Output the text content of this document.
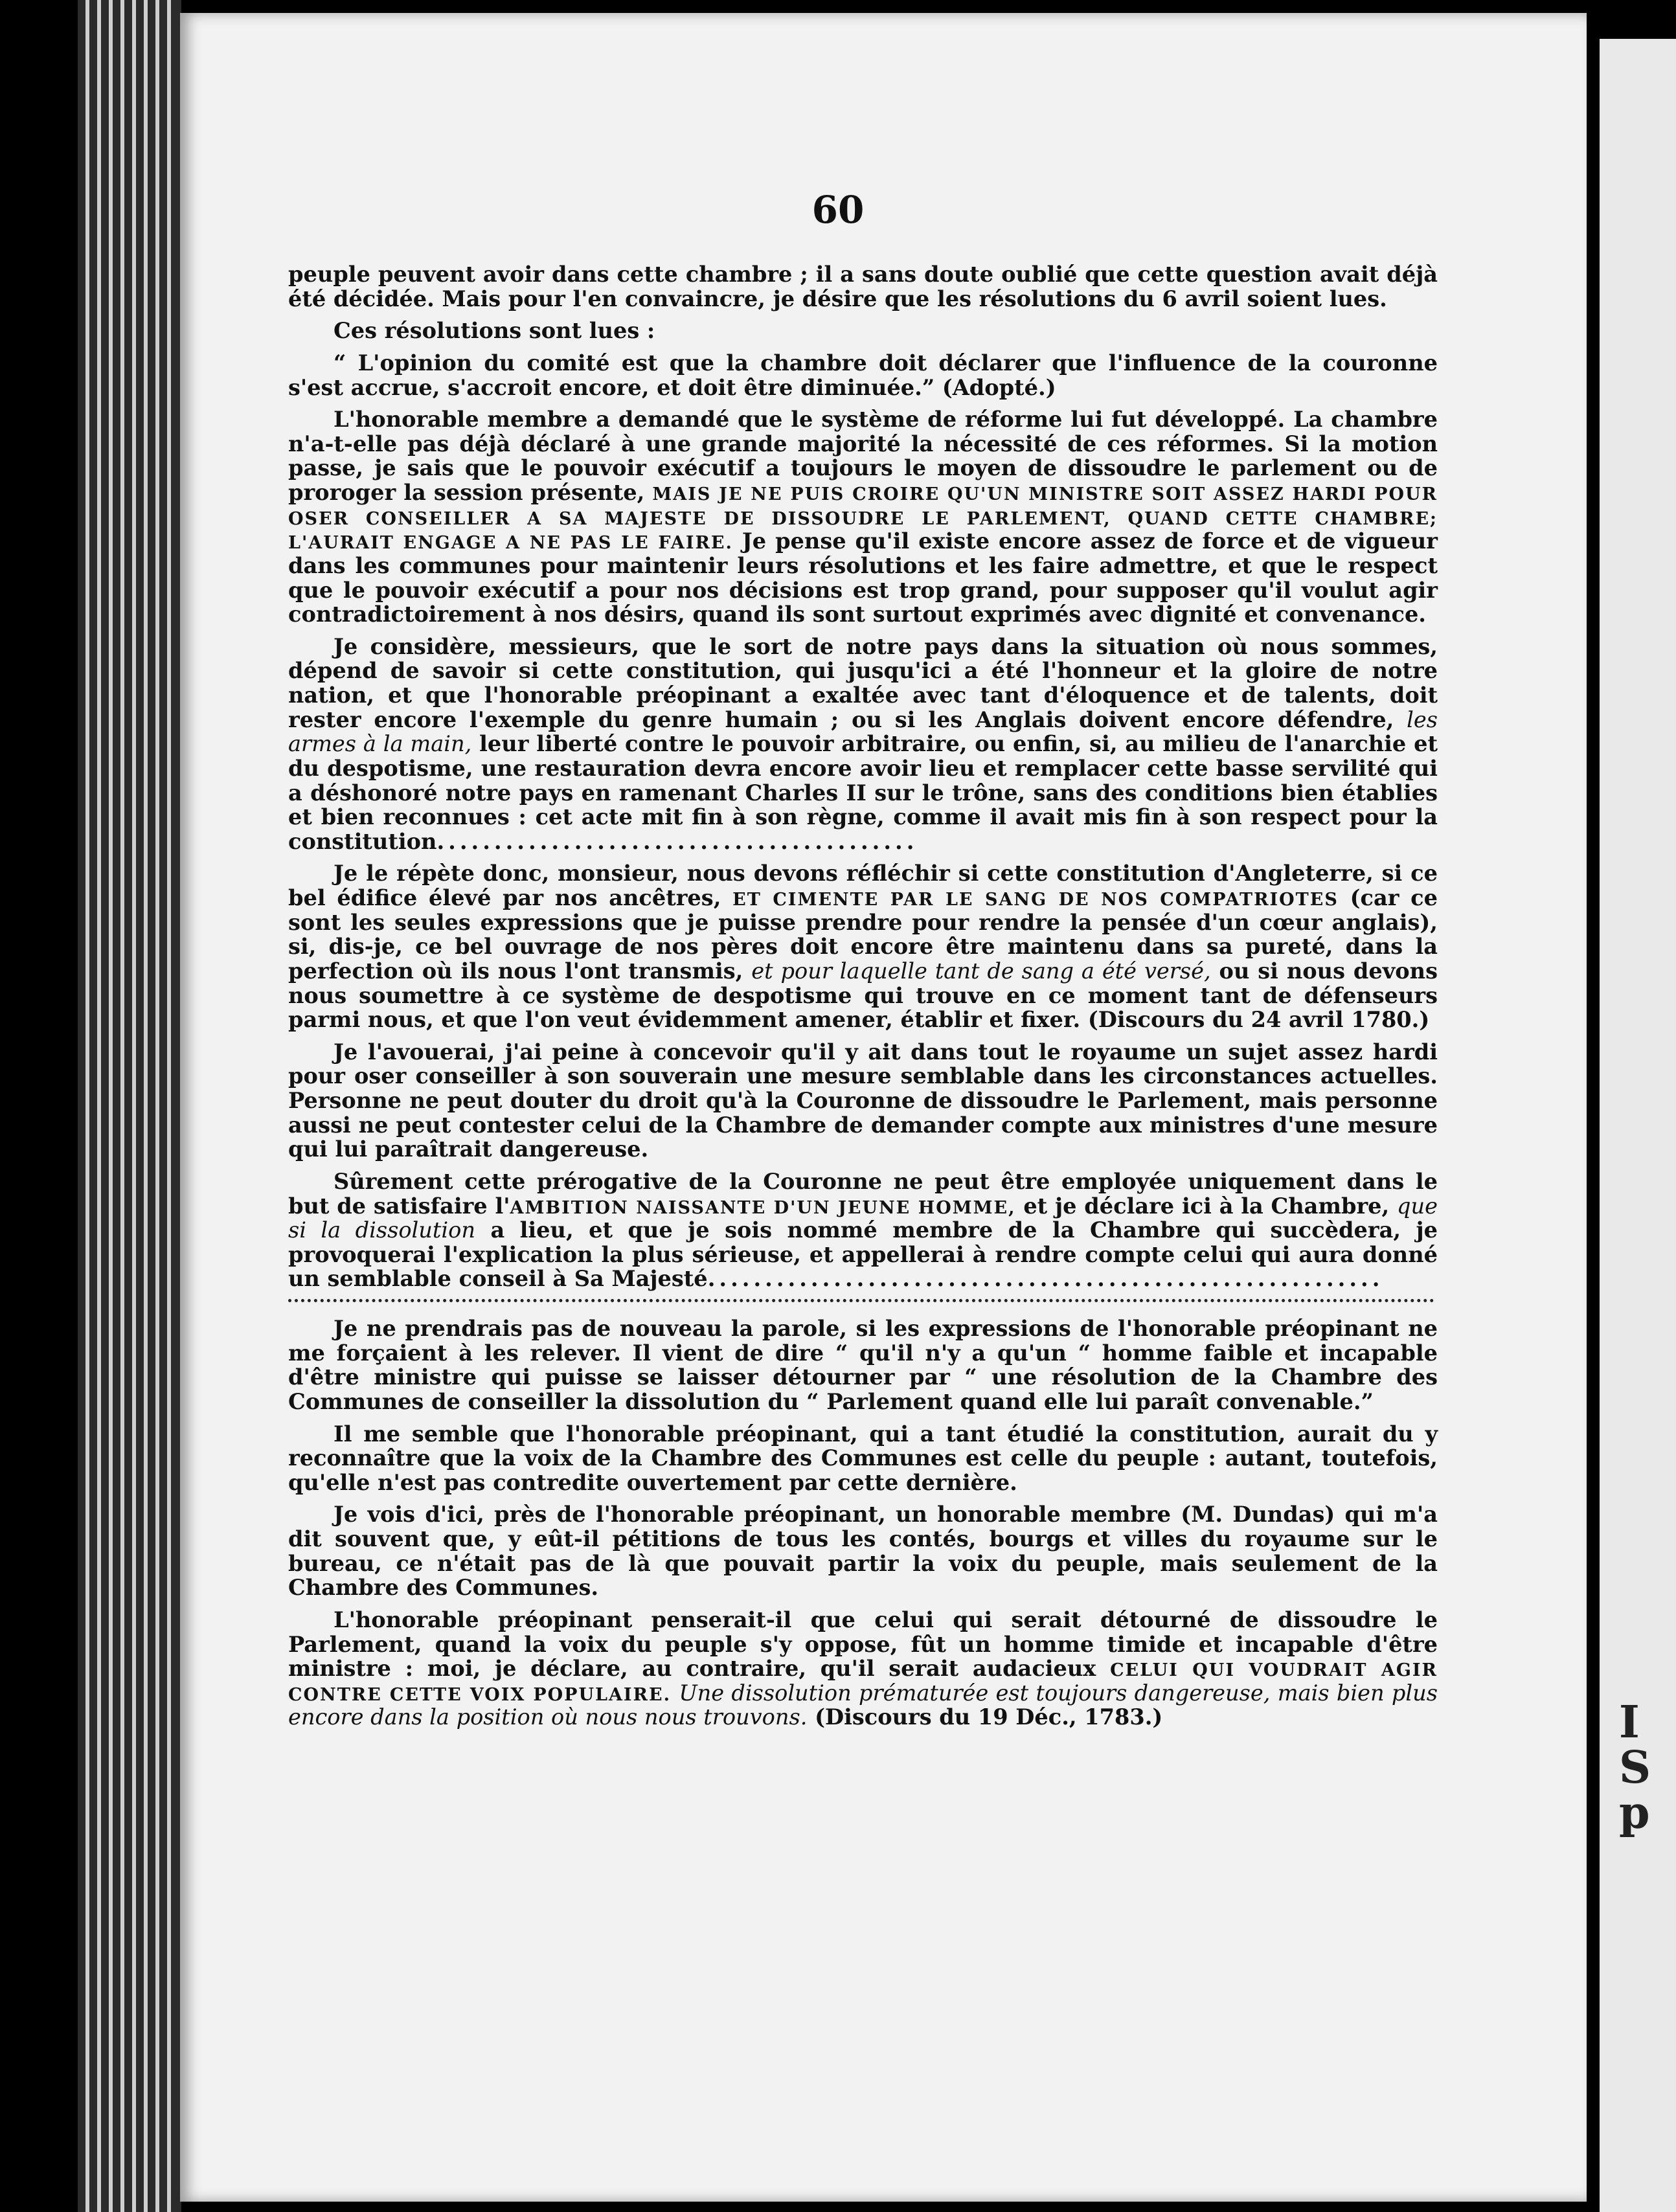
I
S
p
60

peuple peuvent avoir dans cette chambre ; il a sans doute oublié que cette question avait déjà été décidée. Mais pour l'en convaincre, je désire que les résolutions du 6 avril soient lues.

Ces résolutions sont lues :

“ L'opinion du comité est que la chambre doit déclarer que l'influence de la couronne s'est accrue, s'accroit encore, et doit être diminuée.” (Adopté.)

L'honorable membre a demandé que le système de réforme lui fut développé. La chambre n'a-t-elle pas déjà déclaré à une grande majorité la nécessité de ces réformes. Si la motion passe, je sais que le pouvoir exécutif a toujours le moyen de dissoudre le parlement ou de proroger la session présente, MAIS JE NE PUIS CROIRE QU'UN MINISTRE SOIT ASSEZ HARDI POUR OSER CONSEILLER A SA MAJESTE DE DISSOUDRE LE PARLEMENT, QUAND CETTE CHAMBRE; L'AURAIT ENGAGE A NE PAS LE FAIRE. Je pense qu'il existe encore assez de force et de vigueur dans les communes pour maintenir leurs résolutions et les faire admettre, et que le respect que le pouvoir exécutif a pour nos décisions est trop grand, pour supposer qu'il voulut agir contradictoirement à nos désirs, quand ils sont surtout exprimés avec dignité et convenance.

Je considère, messieurs, que le sort de notre pays dans la situation où nous sommes, dépend de savoir si cette constitution, qui jusqu'ici a été l'honneur et la gloire de notre nation, et que l'honorable préopinant a exaltée avec tant d'éloquence et de talents, doit rester encore l'exemple du genre humain ; ou si les Anglais doivent encore défendre, les armes à la main, leur liberté contre le pouvoir arbitraire, ou enfin, si, au milieu de l'anarchie et du despotisme, une restauration devra encore avoir lieu et remplacer cette basse servilité qui a déshonoré notre pays en ramenant Charles II sur le trône, sans des conditions bien établies et bien reconnues : cet acte mit fin à son règne, comme il avait mis fin à son respect pour la constitution..........................................

Je le répète donc, monsieur, nous devons réfléchir si cette constitution d'Angleterre, si ce bel édifice élevé par nos ancêtres, ET CIMENTE PAR LE SANG DE NOS COMPATRIOTES (car ce sont les seules expressions que je puisse prendre pour rendre la pensée d'un cœur anglais), si, dis-je, ce bel ouvrage de nos pères doit encore être maintenu dans sa pureté, dans la perfection où ils nous l'ont transmis, et pour laquelle tant de sang a été versé, ou si nous devons nous soumettre à ce système de despotisme qui trouve en ce moment tant de défenseurs parmi nous, et que l'on veut évidemment amener, établir et fixer. (Discours du 24 avril 1780.)

Je l'avouerai, j'ai peine à concevoir qu'il y ait dans tout le royaume un sujet assez hardi pour oser conseiller à son souverain une mesure semblable dans les circonstances actuelles. Personne ne peut douter du droit qu'à la Couronne de dissoudre le Parlement, mais personne aussi ne peut contester celui de la Chambre de demander compte aux ministres d'une mesure qui lui paraîtrait dangereuse.

Sûrement cette prérogative de la Couronne ne peut être employée uniquement dans le but de satisfaire l'AMBITION NAISSANTE D'UN JEUNE HOMME, et je déclare ici à la Chambre, que si la dissolution a lieu, et que je sois nommé membre de la Chambre qui succèdera, je provoquerai l'explication la plus sérieuse, et appellerai à rendre compte celui qui aura donné un semblable conseil à Sa Majesté...........................................................

Je ne prendrais pas de nouveau la parole, si les expressions de l'honorable préopinant ne me forçaient à les relever. Il vient de dire “ qu'il n'y a qu'un “ homme faible et incapable d'être ministre qui puisse se laisser détourner par “ une résolution de la Chambre des Communes de conseiller la dissolution du “ Parlement quand elle lui paraît convenable.”

Il me semble que l'honorable préopinant, qui a tant étudié la constitution, aurait du y reconnaître que la voix de la Chambre des Communes est celle du peuple : autant, toutefois, qu'elle n'est pas contredite ouvertement par cette dernière.

Je vois d'ici, près de l'honorable préopinant, un honorable membre (M. Dundas) qui m'a dit souvent que, y eût-il pétitions de tous les contés, bourgs et villes du royaume sur le bureau, ce n'était pas de là que pouvait partir la voix du peuple, mais seulement de la Chambre des Communes.

L'honorable préopinant penserait-il que celui qui serait détourné de dissoudre le Parlement, quand la voix du peuple s'y oppose, fût un homme timide et incapable d'être ministre : moi, je déclare, au contraire, qu'il serait audacieux CELUI QUI VOUDRAIT AGIR CONTRE CETTE VOIX POPULAIRE. Une dissolution prématurée est toujours dangereuse, mais bien plus encore dans la position où nous nous trouvons. (Discours du 19 Déc., 1783.)
